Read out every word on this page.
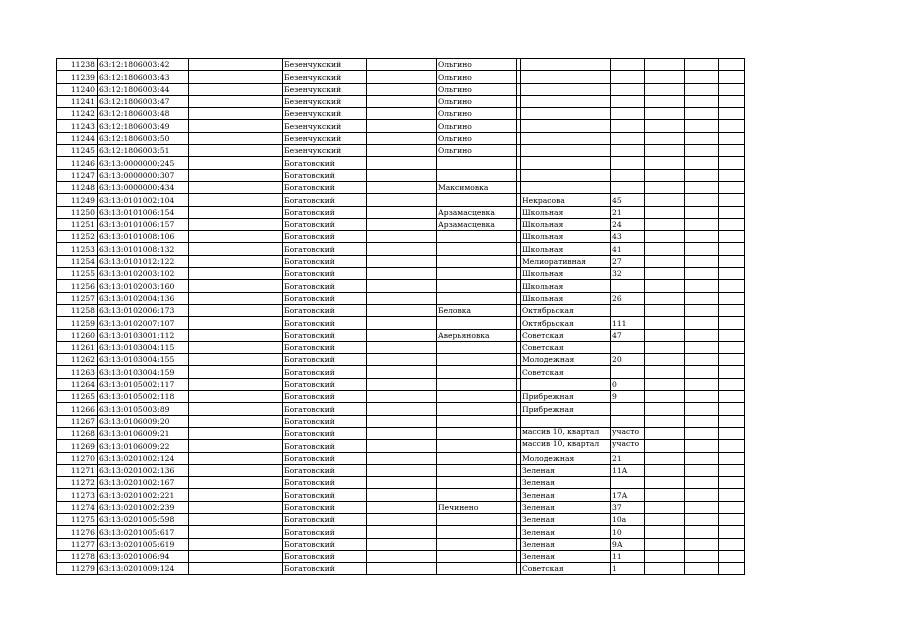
11238	63:12:1806003:42		Безенчукский		Ольгино						
11239	63:12:1806003:43		Безенчукский		Ольгино						
11240	63:12:1806003:44		Безенчукский		Ольгино						
11241	63:12:1806003:47		Безенчукский		Ольгино						
11242	63:12:1806003:48		Безенчукский		Ольгино						
11243	63:12:1806003:49		Безенчукский		Ольгино						
11244	63:12:1806003:50		Безенчукский		Ольгино						
11245	63:12:1806003:51		Безенчукский		Ольгино						
11246	63:13:0000000:245		Богатовский								
11247	63:13:0000000:307		Богатовский								
11248	63:13:0000000:434		Богатовский		Максимовка						
11249	63:13:0101002:104		Богатовский				Некрасова	45			
11250	63:13:0101006:154		Богатовский		Арзамасцевка		Школьная	21			
11251	63:13:0101006:157		Богатовский		Арзамасцевка		Школьная	24			
11252	63:13:0101008:106		Богатовский				Школьная	43			
11253	63:13:0101008:132		Богатовский				Школьная	41			
11254	63:13:0101012:122		Богатовский				Мелиоративная	27			
11255	63:13:0102003:102		Богатовский				Школьная	32			
11256	63:13:0102003:160		Богатовский				Школьная				
11257	63:13:0102004:136		Богатовский				Школьная	26			
11258	63:13:0102006:173		Богатовский		Беловка		Октябрьская				
11259	63:13:0102007:107		Богатовский				Октябрьская	111			
11260	63:13:0103001:112		Богатовский		Аверьяновка		Советская	47			
11261	63:13:0103004:115		Богатовский				Советская				
11262	63:13:0103004:155		Богатовский				Молодежная	20			
11263	63:13:0103004:159		Богатовский				Советская				
11264	63:13:0105002:117		Богатовский					0			
11265	63:13:0105002:118		Богатовский				Прибрежная	9			
11266	63:13:0105003:89		Богатовский				Прибрежная				
11267	63:13:0106009:20		Богатовский								
11268	63:13:0106009:21		Богатовский				массив 10, квартал	участо			
11269	63:13:0106009:22		Богатовский				массив 10, квартал	участо			
11270	63:13:0201002:124		Богатовский				Молодежная	21			
11271	63:13:0201002:136		Богатовский				Зеленая	11А			
11272	63:13:0201002:167		Богатовский				Зеленая				
11273	63:13:0201002:221		Богатовский				Зеленая	17А			
11274	63:13:0201002:239		Богатовский		Печинено		Зеленая	37			
11275	63:13:0201005:598		Богатовский				Зеленая	10а			
11276	63:13:0201005:617		Богатовский				Зеленая	10			
11277	63:13:0201005:619		Богатовский				Зеленая	9А			
11278	63:13:0201006:94		Богатовский				Зеленая	11			
11279	63:13:0201009:124		Богатовский				Советская	1			
